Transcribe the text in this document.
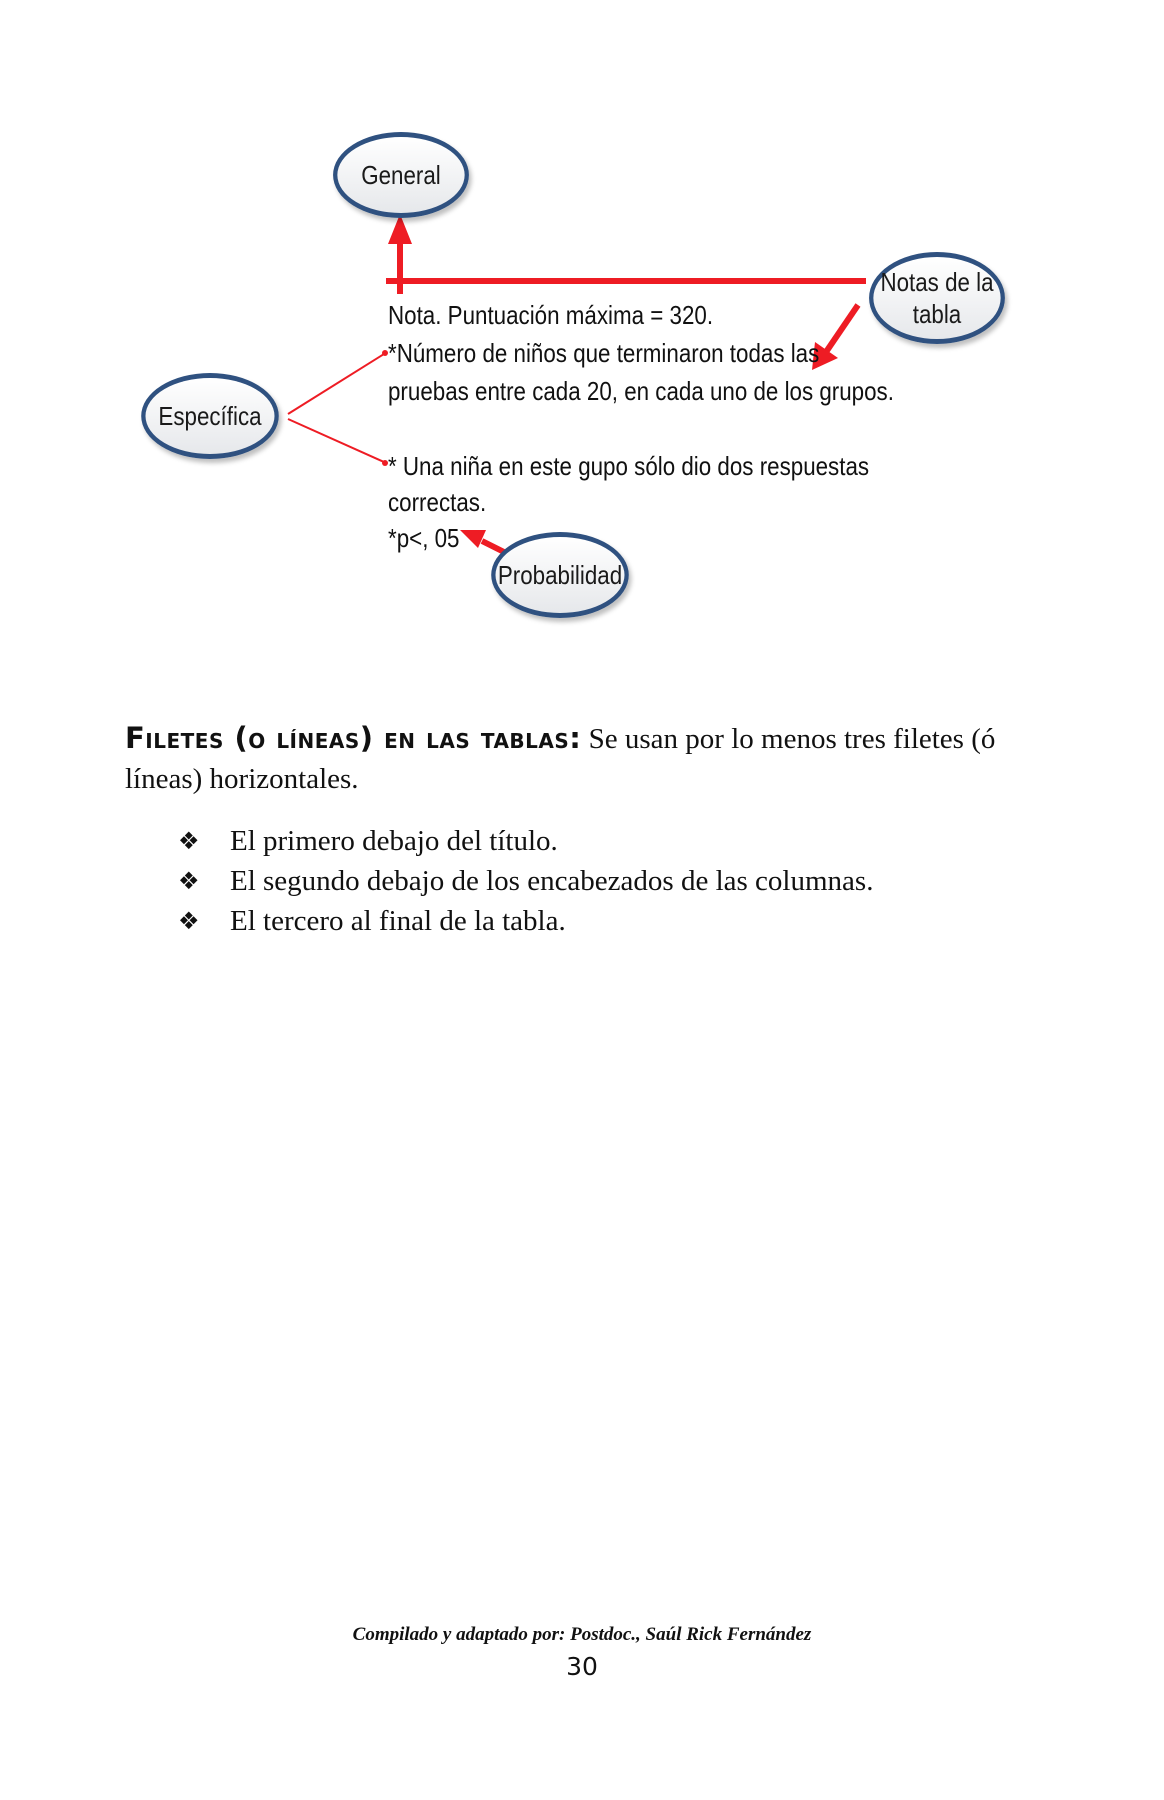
General
Notas de la
tabla
Específica
Probabilidad
Nota. Puntuación máxima = 320.
*Número de niños que terminaron todas las
pruebas entre cada 20, en cada uno de los grupos.
* Una niña en este gupo sólo dio dos respuestas
correctas.
*p<, 05
Filetes (o líneas) en las tablas: Se usan por lo menos tres filetes (ó líneas) horizontales.
❖	El primero debajo del título.
❖	El segundo debajo de los encabezados de las columnas.
❖	El tercero al final de la tabla.
Compilado y adaptado por: Postdoc., Saúl Rick Fernández
30
